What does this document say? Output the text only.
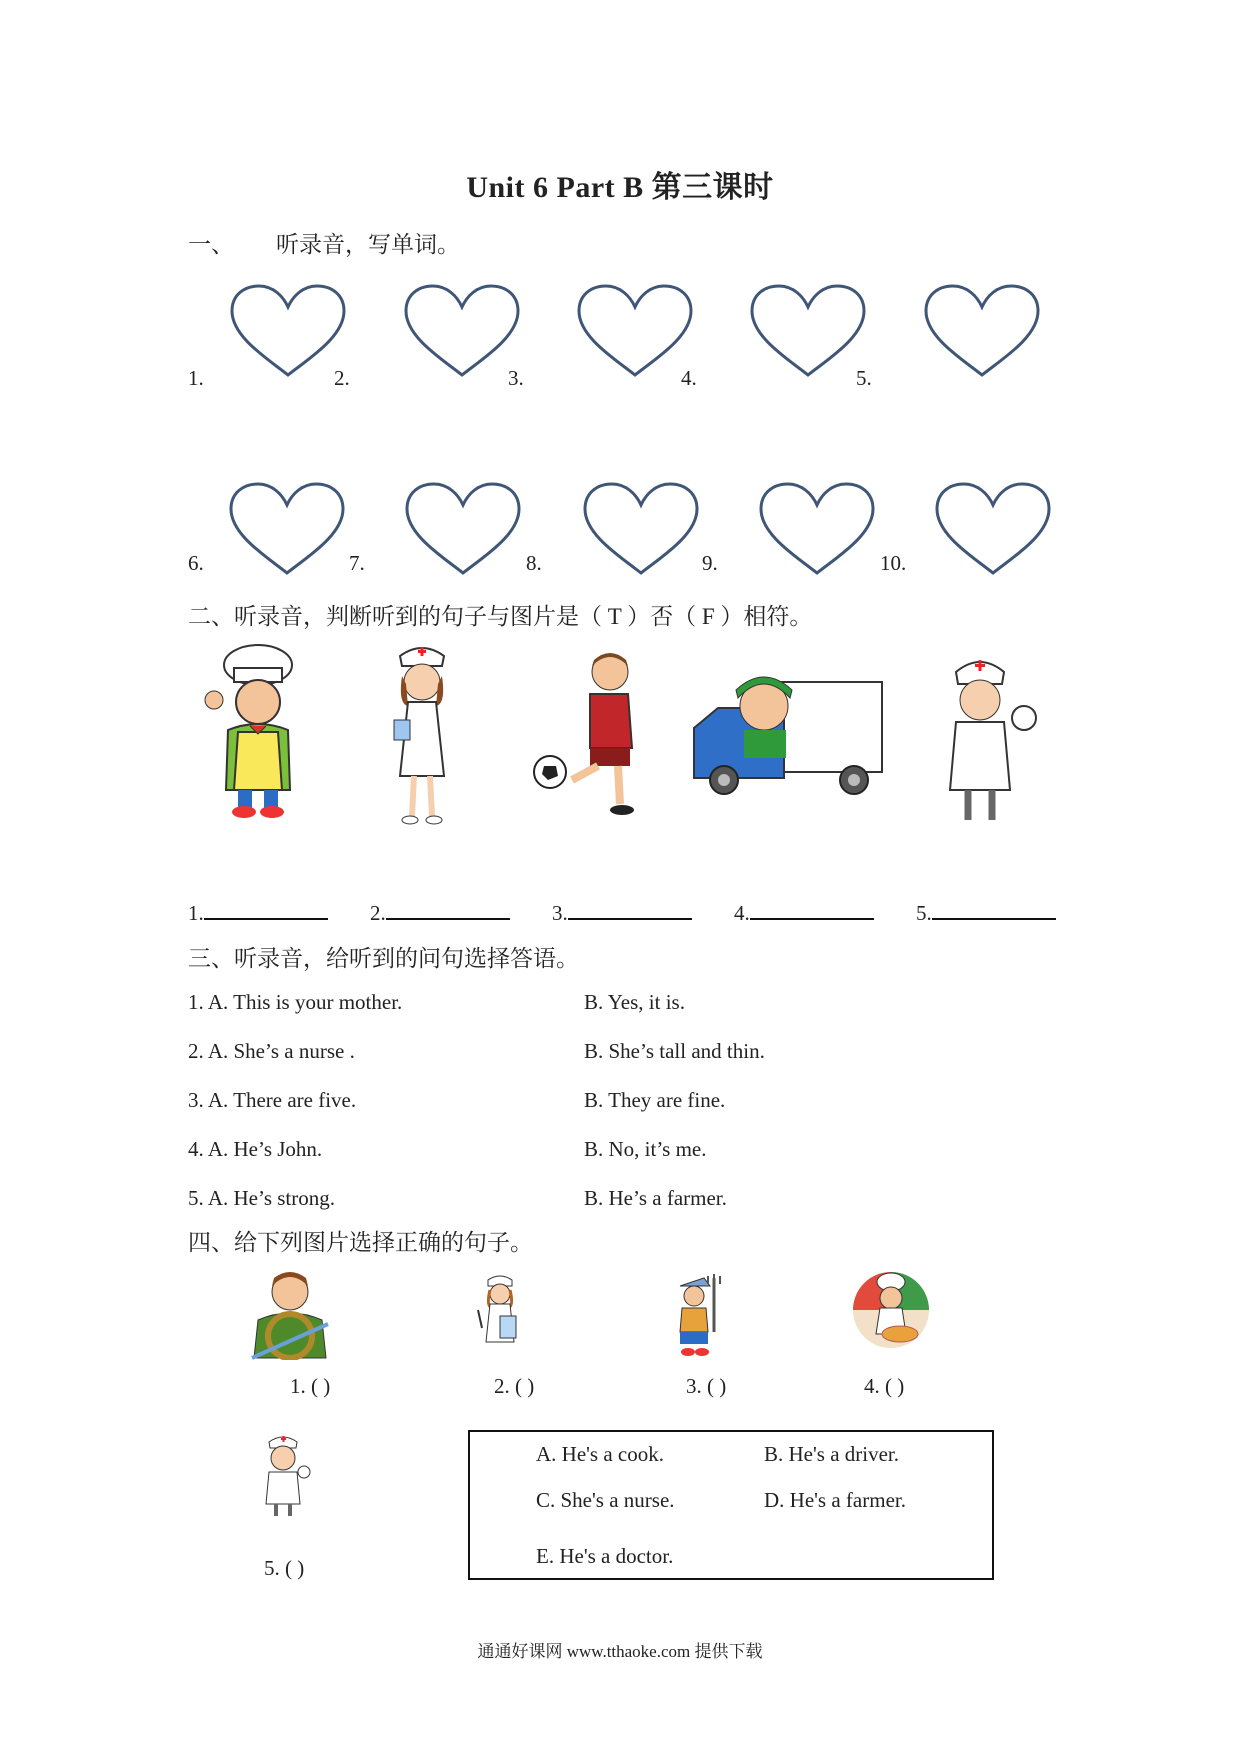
Unit 6 Part B 第三课时
一、 听录音，写单词。
1.	2.	3.	4.	5.
6.	7.	8.	9.	10.
二、听录音，判断听到的句子与图片是（ T ）否（ F ）相符。
1.	2.	3.	4.	5.
三、听录音，给听到的问句选择答语。
1. A. This is your mother.	B. Yes, it is.
2. A. She’s a nurse .	B. She’s tall and thin.
3. A. There are five.	B. They are fine.
4. A. He’s John.	B. No, it’s me.
5. A. He’s strong.	B. He’s a farmer.
四、给下列图片选择正确的句子。
1. ( )	2. ( )	3. ( )	4. ( )
5. ( )
A. He's a cook.	B. He's a driver.
C. She's a nurse.	D. He's a farmer.
E. He's a doctor.
通通好课网 www.tthaoke.com 提供下载
